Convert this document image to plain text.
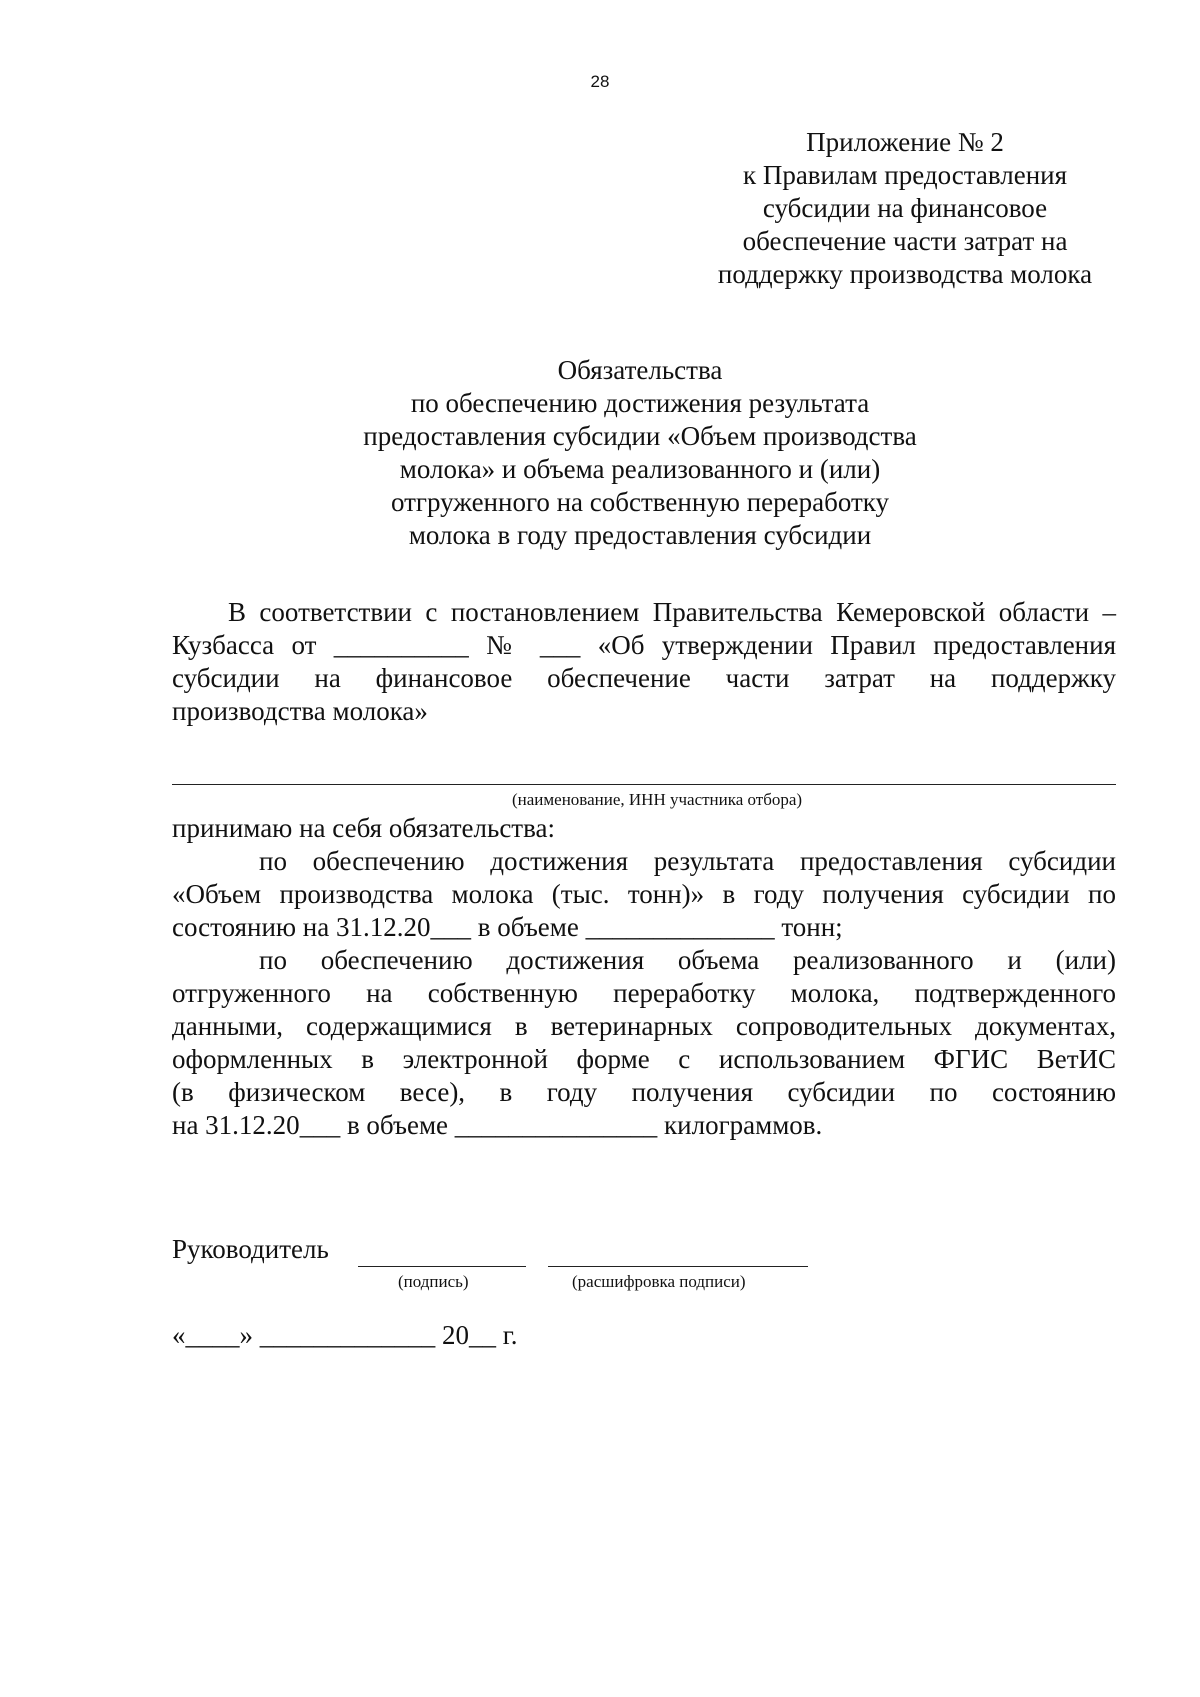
28
Приложение № 2
к Правилам предоставления
субсидии на финансовое
обеспечение части затрат на
поддержку производства молока
Обязательства
по обеспечению достижения результата
предоставления субсидии «Объем производства
молока» и объема реализованного и (или)
отгруженного на собственную переработку
молока в году предоставления субсидии
В соответствии с постановлением Правительства Кемеровской области –
Кузбасса от __________ № ___ «Об утверждении Правил предоставления
субсидии на финансовое обеспечение части затрат на поддержку
производства молока»
(наименование, ИНН участника отбора)
принимаю на себя обязательства:
по обеспечению достижения результата предоставления субсидии
«Объем производства молока (тыс. тонн)» в году получения субсидии по
состоянию на 31.12.20___ в объеме ______________ тонн;
по обеспечению достижения объема реализованного и (или)
отгруженного на собственную переработку молока, подтвержденного
данными, содержащимися в ветеринарных сопроводительных документах,
оформленных в электронной форме с использованием ФГИС ВетИС
(в физическом весе), в году получения субсидии по состоянию
на 31.12.20___ в объеме _______________ килограммов.
Руководитель
(подпись)	(расшифровка подписи)
«____» _____________ 20__ г.
